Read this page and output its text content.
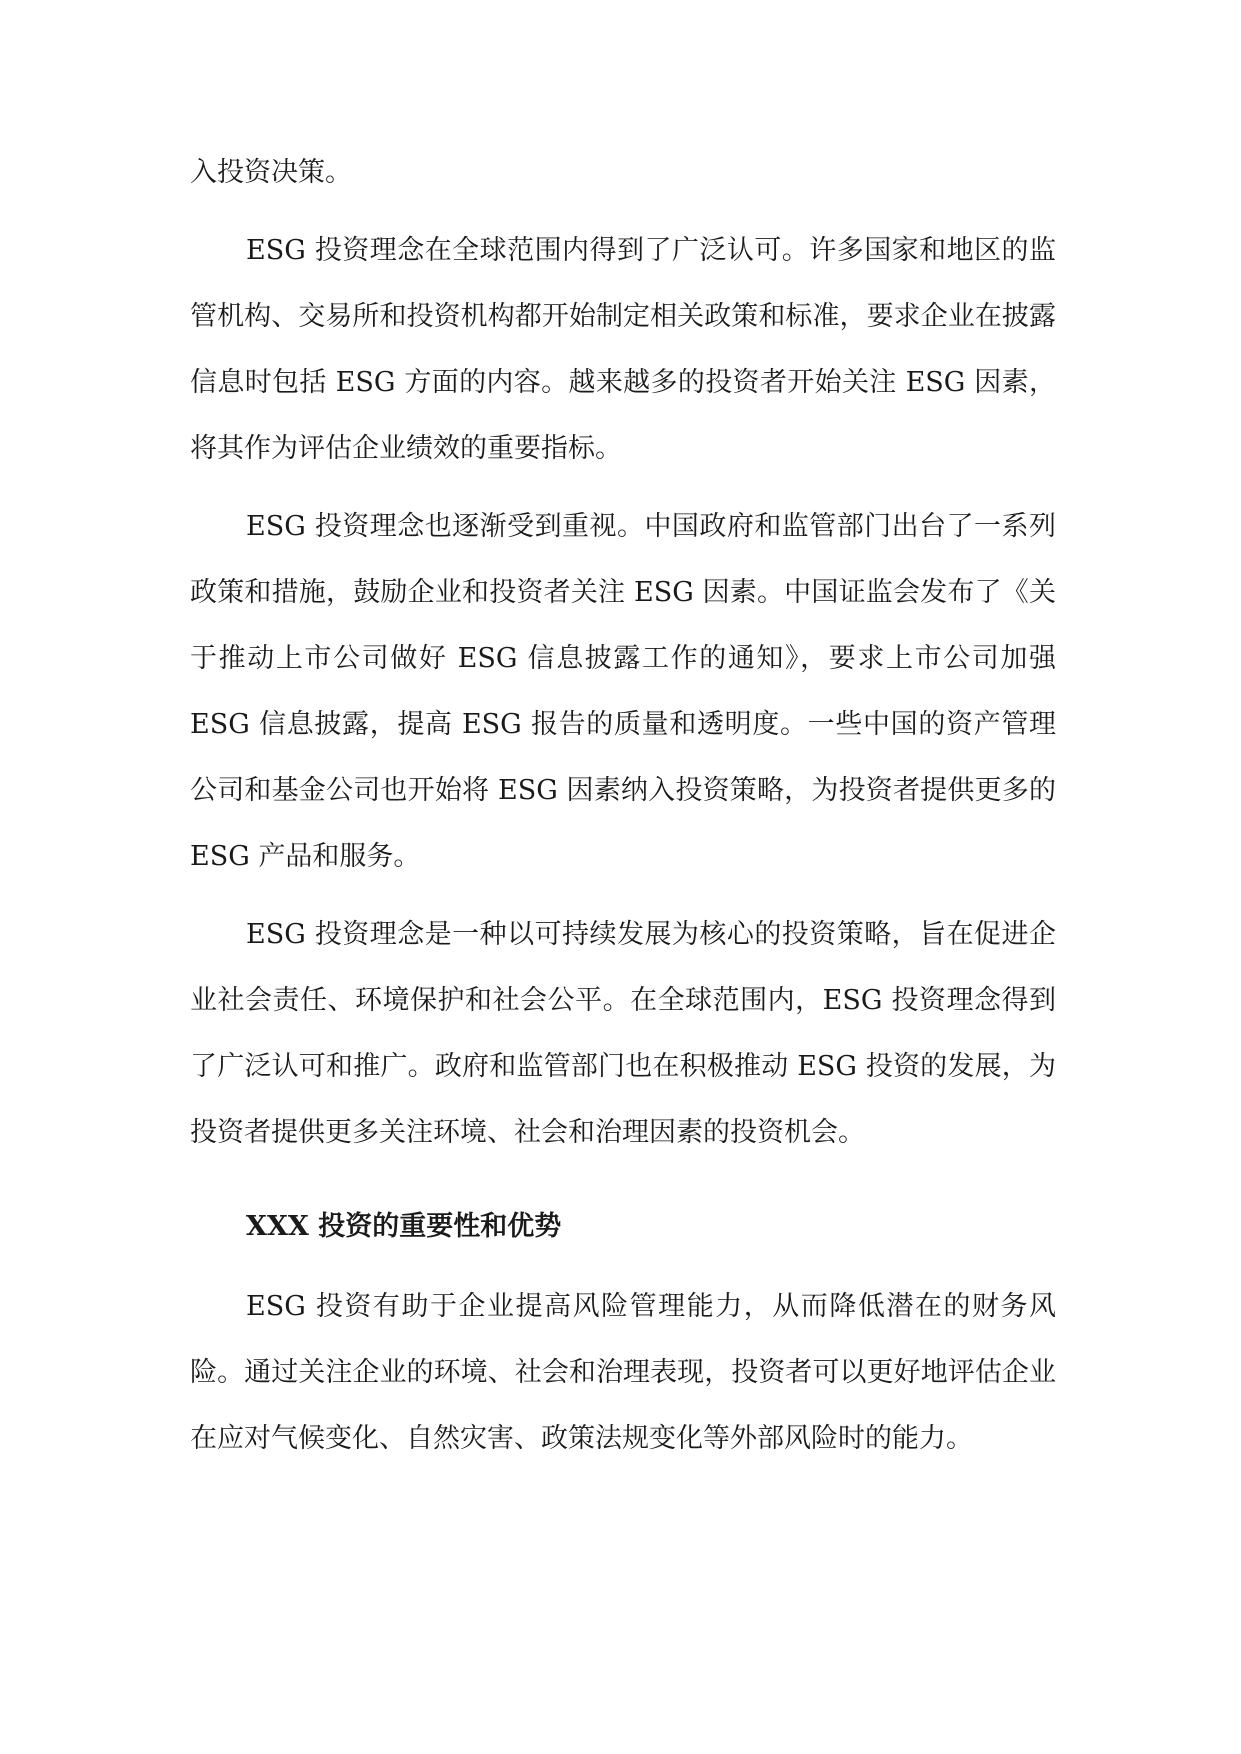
入投资决策。

ESG 投资理念在全球范围内得到了广泛认可。许多国家和地区的监管机构、交易所和投资机构都开始制定相关政策和标准，要求企业在披露信息时包括 ESG 方面的内容。越来越多的投资者开始关注 ESG 因素，将其作为评估企业绩效的重要指标。

ESG 投资理念也逐渐受到重视。中国政府和监管部门出台了一系列政策和措施，鼓励企业和投资者关注 ESG 因素。中国证监会发布了《关于推动上市公司做好 ESG 信息披露工作的通知》，要求上市公司加强 ESG 信息披露，提高 ESG 报告的质量和透明度。一些中国的资产管理公司和基金公司也开始将 ESG 因素纳入投资策略，为投资者提供更多的 ESG 产品和服务。

ESG 投资理念是一种以可持续发展为核心的投资策略，旨在促进企业社会责任、环境保护和社会公平。在全球范围内，ESG 投资理念得到了广泛认可和推广。政府和监管部门也在积极推动 ESG 投资的发展，为投资者提供更多关注环境、社会和治理因素的投资机会。

XXX 投资的重要性和优势

ESG 投资有助于企业提高风险管理能力，从而降低潜在的财务风险。通过关注企业的环境、社会和治理表现，投资者可以更好地评估企业在应对气候变化、自然灾害、政策法规变化等外部风险时的能力。
